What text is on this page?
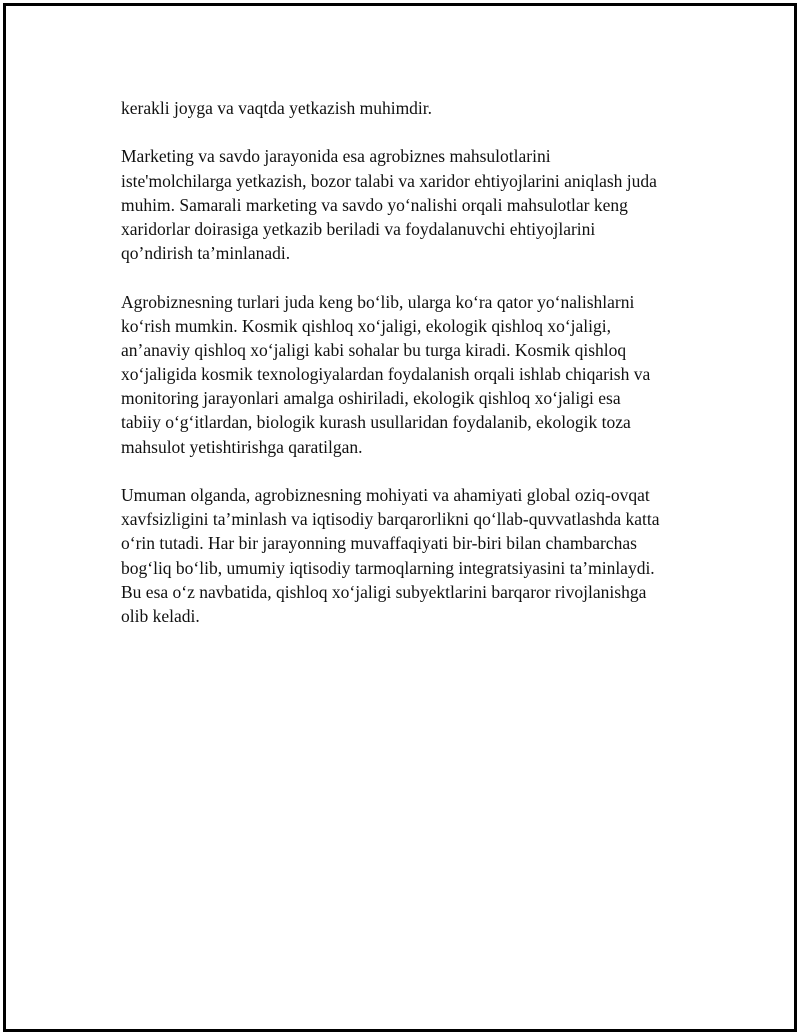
kerakli joyga va vaqtda yetkazish muhimdir.

Marketing va savdo jarayonida esa agrobiznes mahsulotlarini
iste'molchilarga yetkazish, bozor talabi va xaridor ehtiyojlarini aniqlash juda
muhim. Samarali marketing va savdo yo‘nalishi orqali mahsulotlar keng
xaridorlar doirasiga yetkazib beriladi va foydalanuvchi ehtiyojlarini
qo’ndirish ta’minlanadi.

Agrobiznesning turlari juda keng bo‘lib, ularga ko‘ra qator yo‘nalishlarni
ko‘rish mumkin. Kosmik qishloq xo‘jaligi, ekologik qishloq xo‘jaligi,
an’anaviy qishloq xo‘jaligi kabi sohalar bu turga kiradi. Kosmik qishloq
xo‘jaligida kosmik texnologiyalardan foydalanish orqali ishlab chiqarish va
monitoring jarayonlari amalga oshiriladi, ekologik qishloq xo‘jaligi esa
tabiiy o‘g‘itlardan, biologik kurash usullaridan foydalanib, ekologik toza
mahsulot yetishtirishga qaratilgan.

Umuman olganda, agrobiznesning mohiyati va ahamiyati global oziq-ovqat
xavfsizligini ta’minlash va iqtisodiy barqarorlikni qo‘llab-quvvatlashda katta
o‘rin tutadi. Har bir jarayonning muvaffaqiyati bir-biri bilan chambarchas
bog‘liq bo‘lib, umumiy iqtisodiy tarmoqlarning integratsiyasini ta’minlaydi.
Bu esa o‘z navbatida, qishloq xo‘jaligi subyektlarini barqaror rivojlanishga
olib keladi.
